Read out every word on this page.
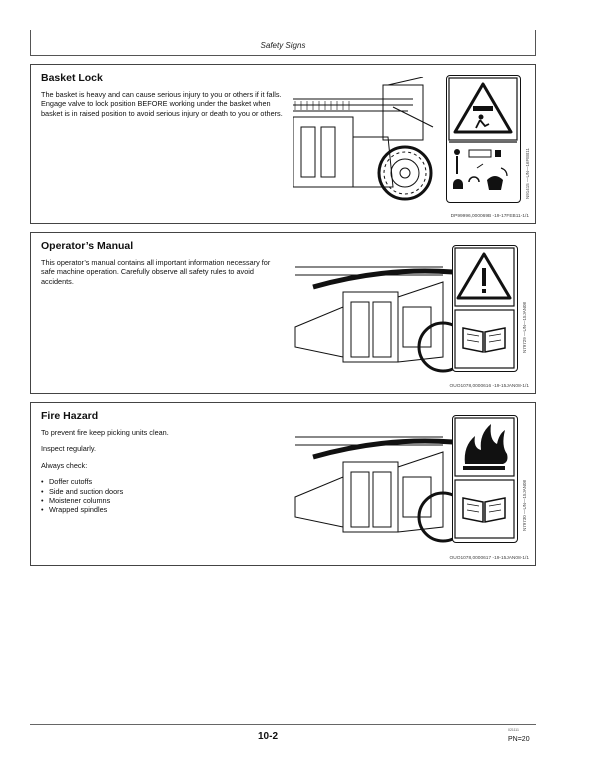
Safety Signs
Basket Lock

The basket is heavy and can cause serious injury to you or others if it falls. Engage valve to lock position BEFORE working under the basket when basket is in raised position to avoid serious injury or death to you or others.

N91415 —UN—16FEB11
DP99996,000069B -19-17FEB11-1/1
Operator’s Manual

This operator’s manual contains all important information necessary for safe machine operation. Carefully observe all safety rules to avoid accidents.

N79729 —UN—15JAN08
OUO1078,0000616 -19-15JAN08-1/1
Fire Hazard

To prevent fire keep picking units clean.

Inspect regularly.

Always check:

• Doffer cutoffs
• Side and suction doors
• Moistener columns
• Wrapped spindles	N79730 —UN—15JAN08
OUO1078,0000617 -19-15JAN08-1/1
10-2
021111
PN=20
